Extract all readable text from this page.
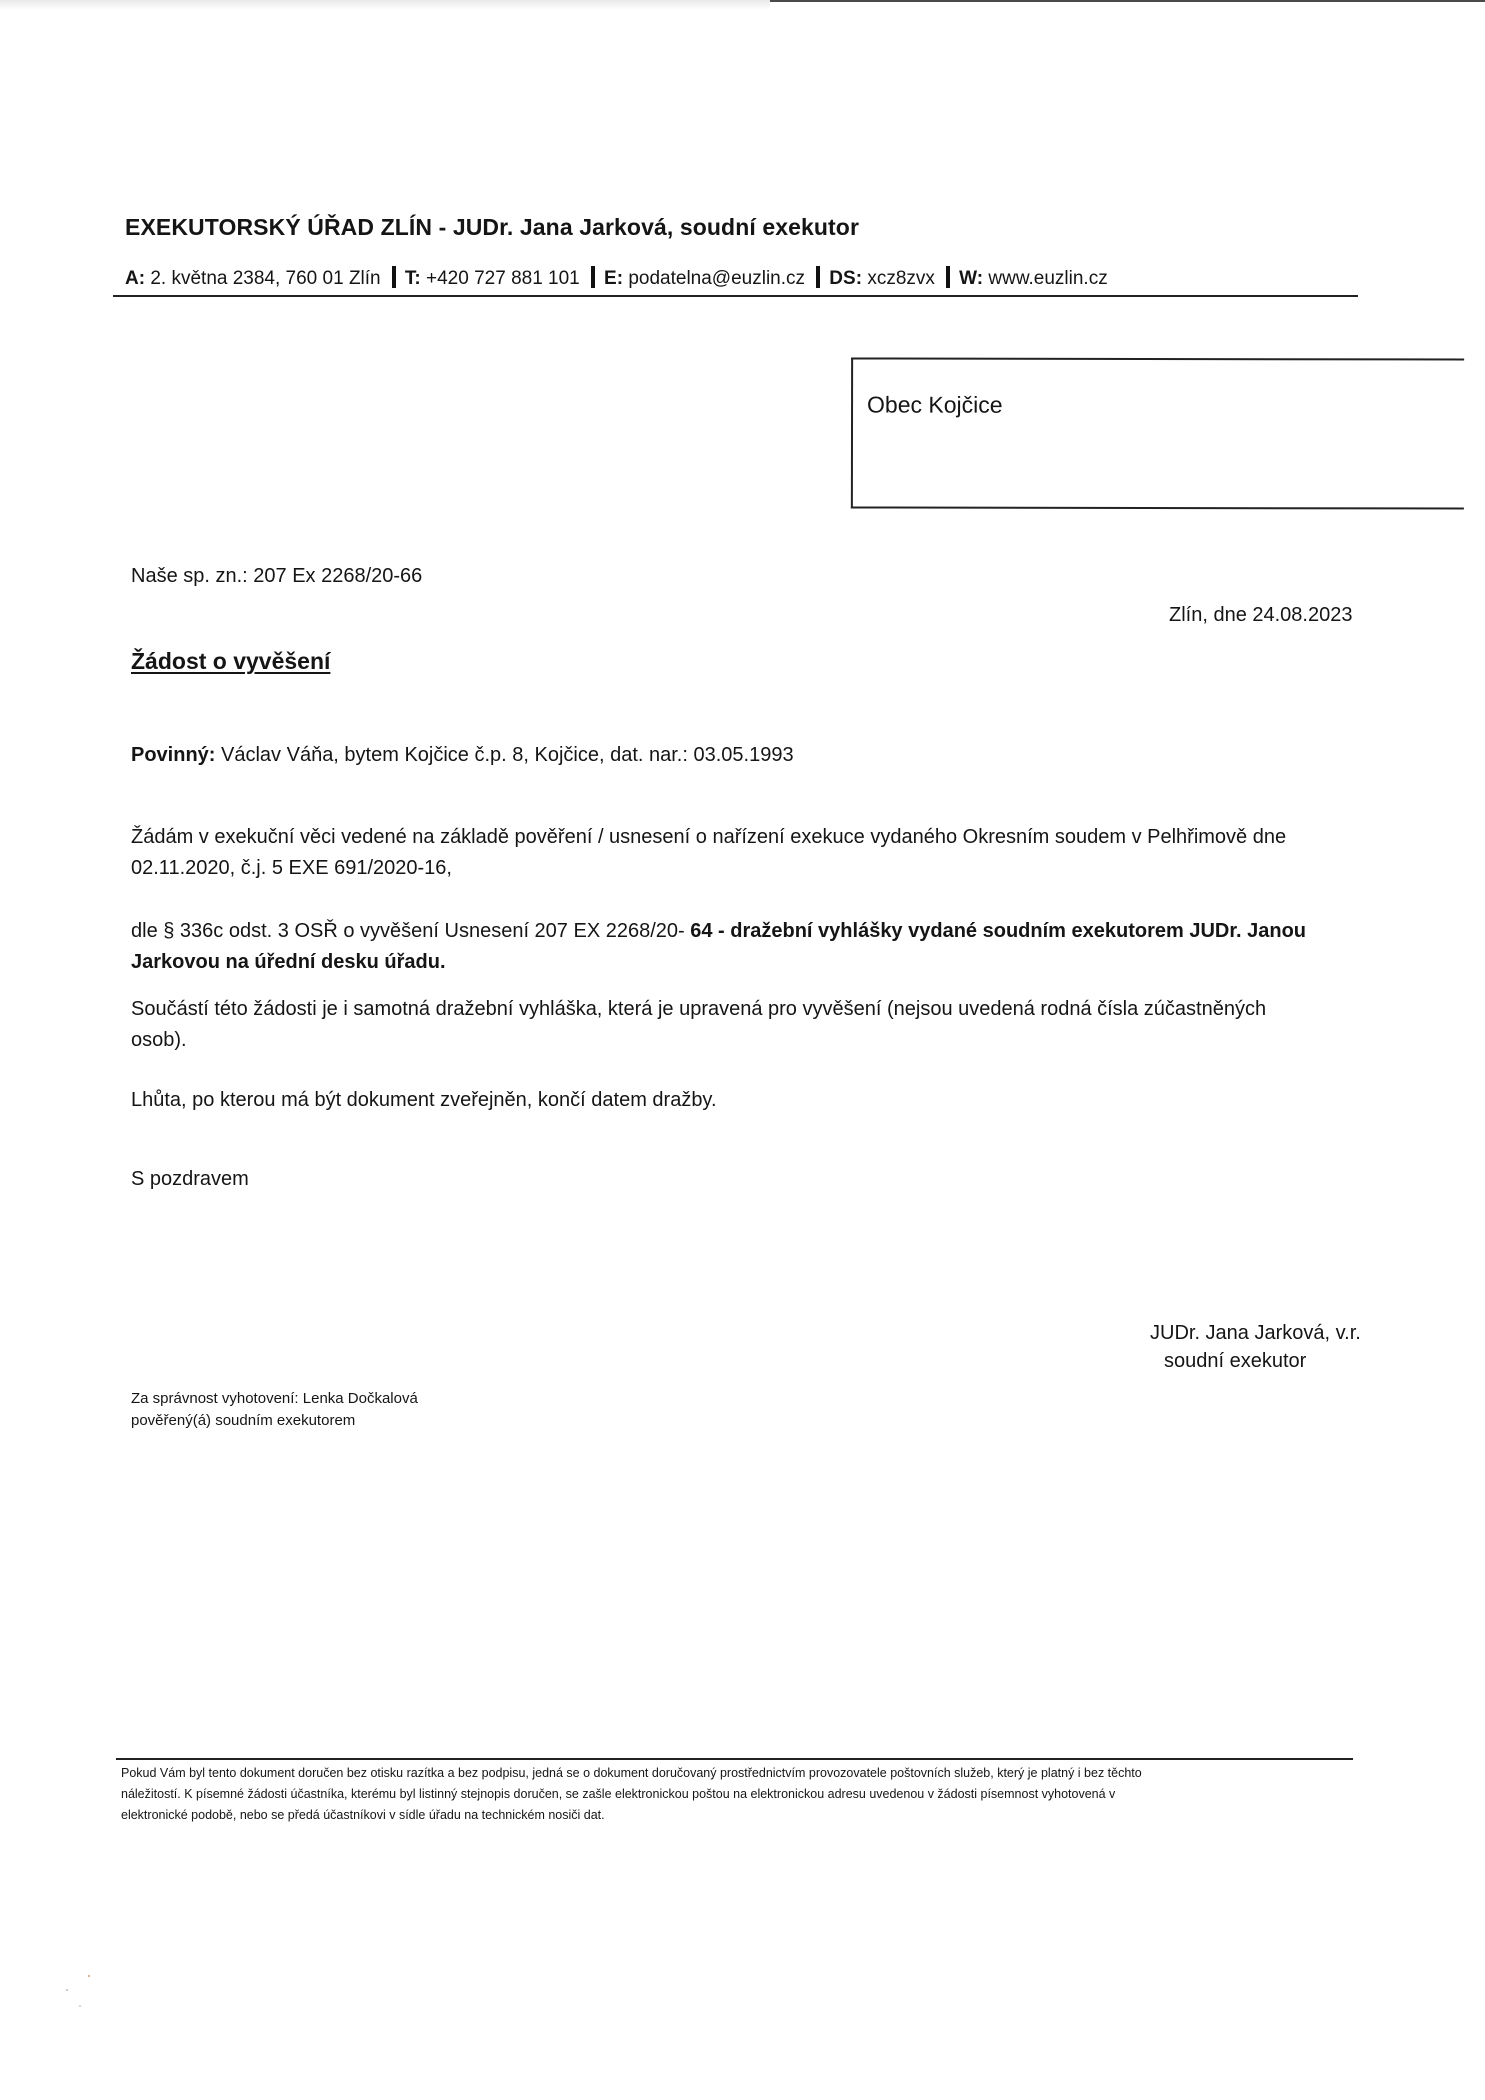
EXEKUTORSKÝ ÚŘAD ZLÍN - JUDr. Jana Jarková, soudní exekutor
A: 2. května 2384, 760 01 Zlín T: +420 727 881 101 E: podatelna@euzlin.cz DS: xcz8zvx W: www.euzlin.cz
Obec Kojčice
Naše sp. zn.: 207 Ex 2268/20-66
Zlín, dne 24.08.2023
Žádost o vyvěšení
Povinný: Václav Váňa, bytem Kojčice č.p. 8, Kojčice, dat. nar.: 03.05.1993
Žádám v exekuční věci vedené na základě pověření / usnesení o nařízení exekuce vydaného Okresním soudem v Pelhřimově dne
02.11.2020, č.j. 5 EXE 691/2020-16,
dle § 336c odst. 3 OSŘ o vyvěšení Usnesení 207 EX 2268/20- 64 - dražební vyhlášky vydané soudním exekutorem JUDr. Janou
Jarkovou na úřední desku úřadu.
Součástí této žádosti je i samotná dražební vyhláška, která je upravená pro vyvěšení (nejsou uvedená rodná čísla zúčastněných
osob).
Lhůta, po kterou má být dokument zveřejněn, končí datem dražby.
S pozdravem
JUDr. Jana Jarková, v.r.
soudní exekutor
Za správnost vyhotovení: Lenka Dočkalová
pověřený(á) soudním exekutorem
Pokud Vám byl tento dokument doručen bez otisku razítka a bez podpisu, jedná se o dokument doručovaný prostřednictvím provozovatele poštovních služeb, který je platný i bez těchto
náležitostí. K písemné žádosti účastníka, kterému byl listinný stejnopis doručen, se zašle elektronickou poštou na elektronickou adresu uvedenou v žádosti písemnost vyhotovená v
elektronické podobě, nebo se předá účastníkovi v sídle úřadu na technickém nosiči dat.
